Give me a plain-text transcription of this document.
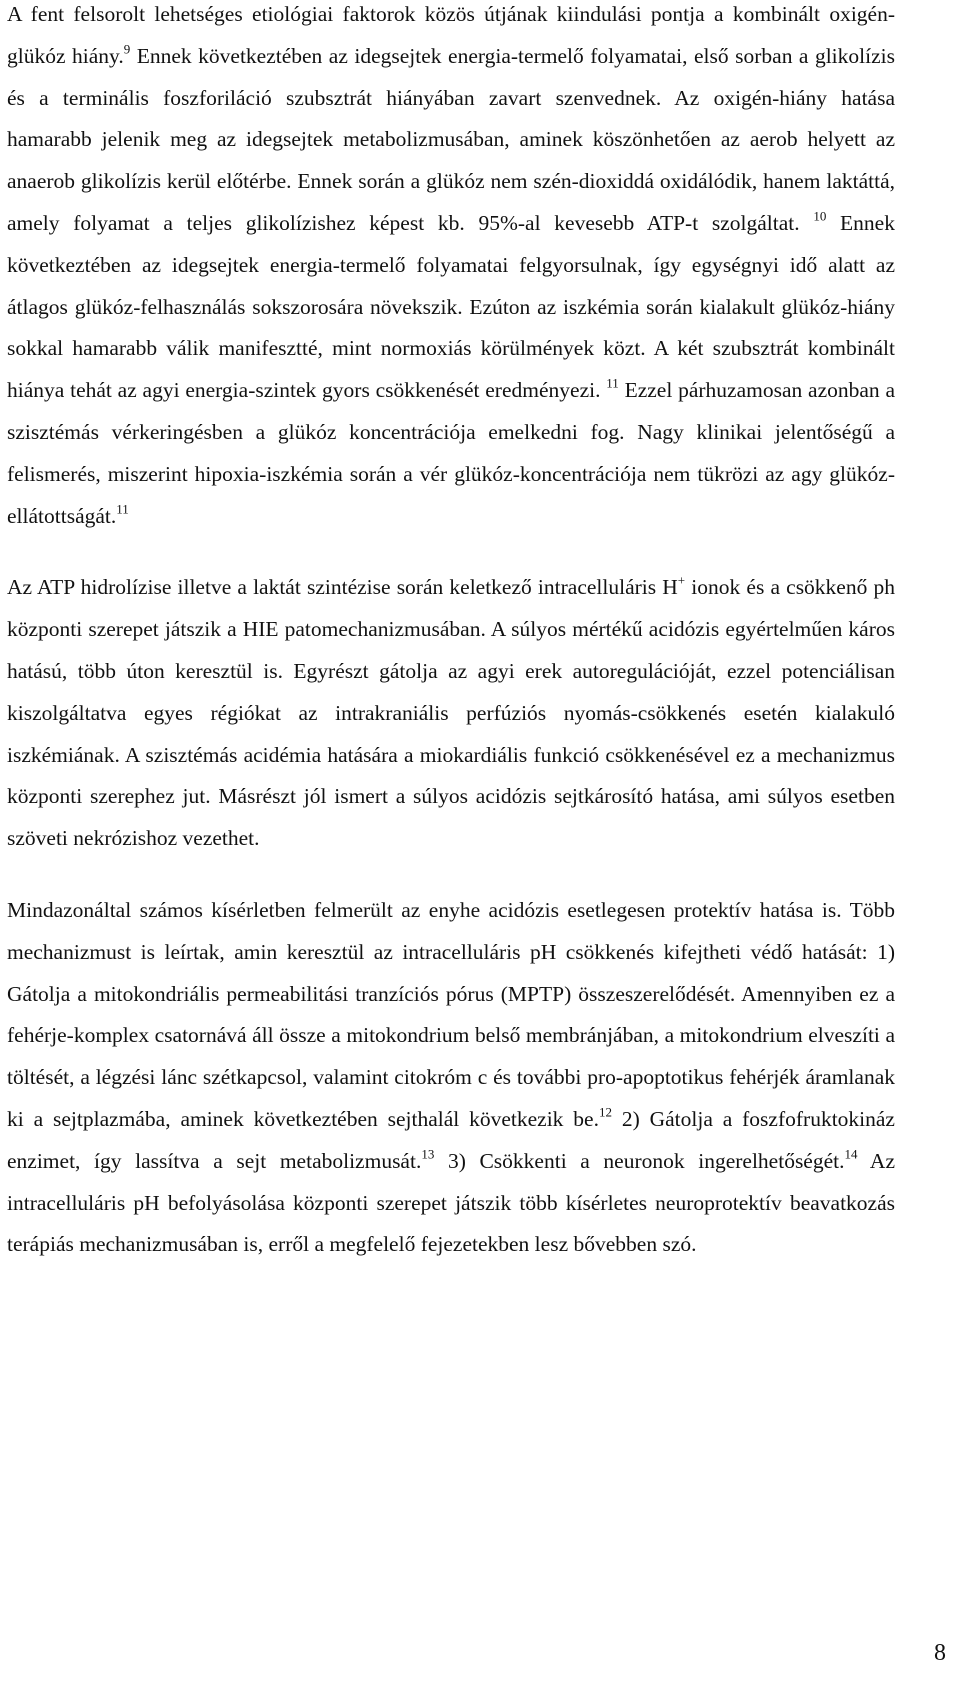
A fent felsorolt lehetséges etiológiai faktorok közös útjának kiindulási pontja a kombinált oxigén-glükóz hiány.$^9$ Ennek következtében az idegsejtek energia-termelő folyamatai, első sorban a glikolízis és a terminális foszforiláció szubsztrát hiányában zavart szenvednek. Az oxigén-hiány hatása hamarabb jelenik meg az idegsejtek metabolizmusában, aminek köszönhetően az aerob helyett az anaerob glikolízis kerül előtérbe. Ennek során a glükóz nem szén-dioxiddá oxidálódik, hanem laktáttá, amely folyamat a teljes glikolízishez képest kb. 95%-al kevesebb ATP-t szolgáltat. $^{10}$ Ennek következtében az idegsejtek energia-termelő folyamatai felgyorsulnak, így egységnyi idő alatt az átlagos glükóz-felhasználás sokszorosára növekszik. Ezúton az iszkémia során kialakult glükóz-hiány sokkal hamarabb válik manifesztté, mint normoxiás körülmények közt. A két szubsztrát kombinált hiánya tehát az agyi energia-szintek gyors csökkenését eredményezi. $^{11}$ Ezzel párhuzamosan azonban a szisztémás vérkeringésben a glükóz koncentrációja emelkedni fog. Nagy klinikai jelentőségű a felismerés, miszerint hipoxia-iszkémia során a vér glükóz-koncentrációja nem tükrözi az agy glükóz-ellátottságát.$^{11}$

Az ATP hidrolízise illetve a laktát szintézise során keletkező intracelluláris H+ ionok és a csökkenő ph központi szerepet játszik a HIE patomechanizmusában. A súlyos mértékű acidózis egyértelműen káros hatású, több úton keresztül is. Egyrészt gátolja az agyi erek autoregulációját, ezzel potenciálisan kiszolgáltatva egyes régiókat az intrakraniális perfúziós nyomás-csökkenés esetén kialakuló iszkémiának. A szisztémás acidémia hatására a miokardiális funkció csökkenésével ez a mechanizmus központi szerephez jut. Másrészt jól ismert a súlyos acidózis sejtkárosító hatása, ami súlyos esetben szöveti nekrózishoz vezethet.

Mindazonáltal számos kísérletben felmerült az enyhe acidózis esetlegesen protektív hatása is. Több mechanizmust is leírtak, amin keresztül az intracelluláris pH csökkenés kifejtheti védő hatását: 1) Gátolja a mitokondriális permeabilitási tranzíciós pórus (MPTP) összeszerelődését. Amennyiben ez a fehérje-komplex csatornává áll össze a mitokondrium belső membránjában, a mitokondrium elveszíti a töltését, a légzési lánc szétkapcsol, valamint citokróm c és további pro-apoptotikus fehérjék áramlanak ki a sejtplazmába, aminek következtében sejthalál következik be.$^{12}$ 2) Gátolja a foszfofruktokináz enzimet, így lassítva a sejt metabolizmusát.$^{13}$ 3) Csökkenti a neuronok ingerelhetőségét.$^{14}$ Az intracelluláris pH befolyásolása központi szerepet játszik több kísérletes neuroprotektív beavatkozás terápiás mechanizmusában is, erről a megfelelő fejezetekben lesz bővebben szó.

8
